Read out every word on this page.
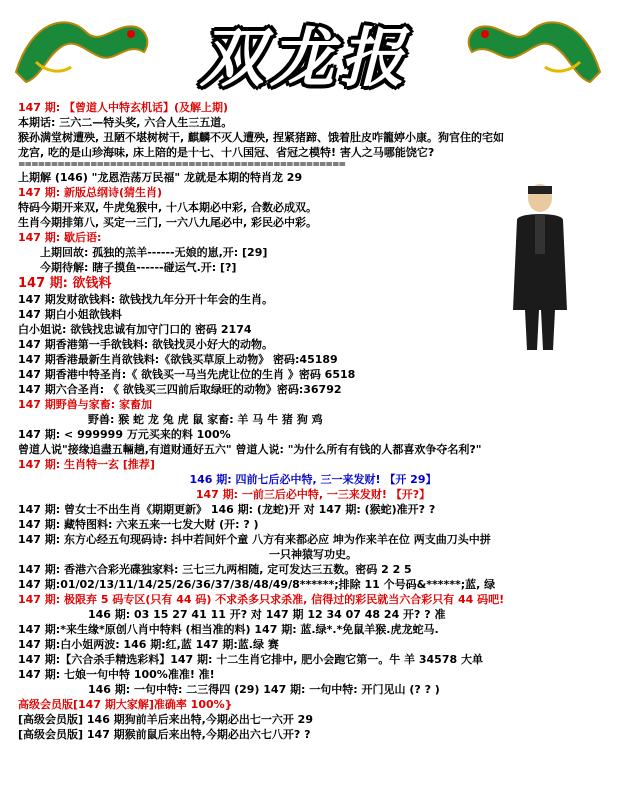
双龙报
147 期: 【曾道人中特玄机话】(及解上期)
本期话: 三六二—特头奖, 六合人生三五道。
猴孙满堂树遭殃, 丑陋不堪树树干, 麒麟不灭人遭殃, 捏紧猪蹄、饿着肚皮咋籠婷小康。狗官住的宅如
龙宫, 吃的是山珍海味, 床上陪的是十七、十八国冠、省冠之模特! 害人之马哪能饶它?
==================================================
上期解 (146) "龙恩浩荡万民福" 龙就是本期的特肖龙 29
147 期: 新版总纲诗(猜生肖)
特码今期开来双, 牛虎兔猴中, 十八本期必中彩, 合数必成双。
生肖今期排第八, 买定一三门, 一六八九尾必中, 彩民必中彩。
147 期: 歇后语:
上期回故: 孤独的羔羊------无娘的崽,开: [29]
今期待解: 瞎子摸鱼------碰运气.开: [?]
147 期: 欲钱料
147 期发财欲钱料: 欲钱找九年分开十年会的生肖。
147 期白小姐欲钱料
白小姐说: 欲钱找忠诚有加守门口的 密码 2174
147 期香港第一手欲钱料: 欲钱找灵小好大的动物。
147 期香港最新生肖欲钱料:《欲钱买草原上动物》 密码:45189
147 期香港中特圣肖:《 欲钱买一马当先虎让位的生肖 》密码 6518
147 期六合圣肖: 《 欲钱买三四前后取绿旺的动物》密码:36792
147 期野兽与家畜: 家畜加
野兽: 猴 蛇 龙 兔 虎 鼠 家畜: 羊 马 牛 猪 狗 鸡
147 期: < 999999 万元买来的料 100%
曾道人说"接缘追盡五輛趟,有道财通好五六" 曾道人说: "为什么所有有钱的人都喜欢争夺名利?"
147 期: 生肖特一玄 [推荐]
146 期: 四前七后必中特, 三一来发财! 【开 29】
147 期: 一前三后必中特, 一三来发财! 【开?】
147 期: 曾女士不出生肖《期期更新》 146 期: (龙蛇)开 对 147 期: (猴蛇)准开? ?
147 期: 藏特图料: 六来五来一七发大财 (开: ? )
147 期: 东方心经五句现码诗: 抖中若间奸个童 八方有来都必应 坤为作来羊在位 两支曲刀头中拼
一只神猿写功史。
147 期: 香港六合彩光碟独家料: 三七三九两相随, 定可发达三五数。密码 2 2 5
147 期:01/02/13/11/14/25/26/36/37/38/48/49/8******;排除 11 个号码&******;蓝, 绿
147 期: 极限弃 5 码专区(只有 44 码) 不求杀多只求杀准, 信得过的彩民就当六合彩只有 44 码吧!
146 期: 03 15 27 41 11 开? 对 147 期 12 34 07 48 24 开? ? 准
147 期:*来生缘*原创八肖中特料 (相当准的料) 147 期: 蓝.绿*.*免鼠羊猴.虎龙蛇马.
147 期:白小姐两波: 146 期:红,蓝 147 期:蓝.绿 赛
147 期:【六合杀手精选彩料】147 期: 十二生肖它排中, 肥小会跑它第一。牛 羊 34578 大单
147 期: 七娘一句中特 100%准准! 准!
146 期: 一句中特: 二三得四 (29) 147 期: 一句中特: 开门见山 (? ? )
高级会员版[147 期大家解]准确率 100%}
[高级会员版] 146 期狗前羊后来出特,今期必出七一六开 29
[高级会员版] 147 期猴前鼠后来出特,今期必出六七八开? ?
